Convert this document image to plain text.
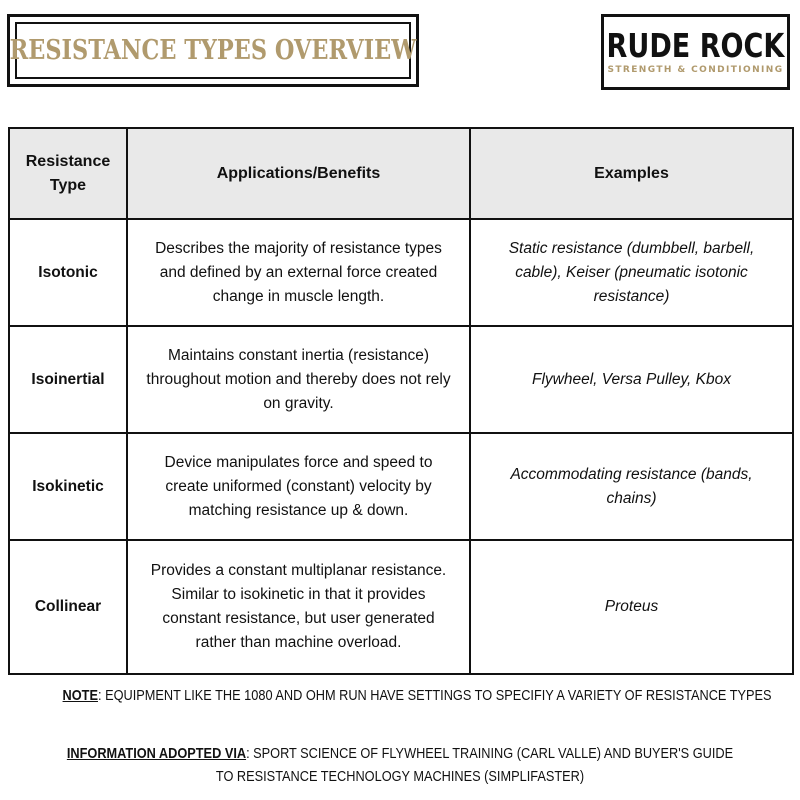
RESISTANCE TYPES OVERVIEW	RUDE ROCK
STRENGTH & CONDITIONING
Resistance Type	Applications/Benefits	Examples
Isotonic	Describes the majority of resistance types and defined by an external force created change in muscle length.	Static resistance (dumbbell, barbell, cable), Keiser (pneumatic isotonic resistance)
Isoinertial	Maintains constant inertia (resistance) throughout motion and thereby does not rely on gravity.	Flywheel, Versa Pulley, Kbox
Isokinetic	Device manipulates force and speed to create uniformed (constant) velocity by matching resistance up & down.	Accommodating resistance (bands, chains)
Collinear	Provides a constant multiplanar resistance. Similar to isokinetic in that it provides constant resistance, but user generated rather than machine overload.	Proteus
NOTE: EQUIPMENT LIKE THE 1080 AND OHM RUN HAVE SETTINGS TO SPECIFIY A VARIETY OF RESISTANCE TYPES
INFORMATION ADOPTED VIA: SPORT SCIENCE OF FLYWHEEL TRAINING (CARL VALLE) AND BUYER'S GUIDE TO RESISTANCE TECHNOLOGY MACHINES (SIMPLIFASTER)
